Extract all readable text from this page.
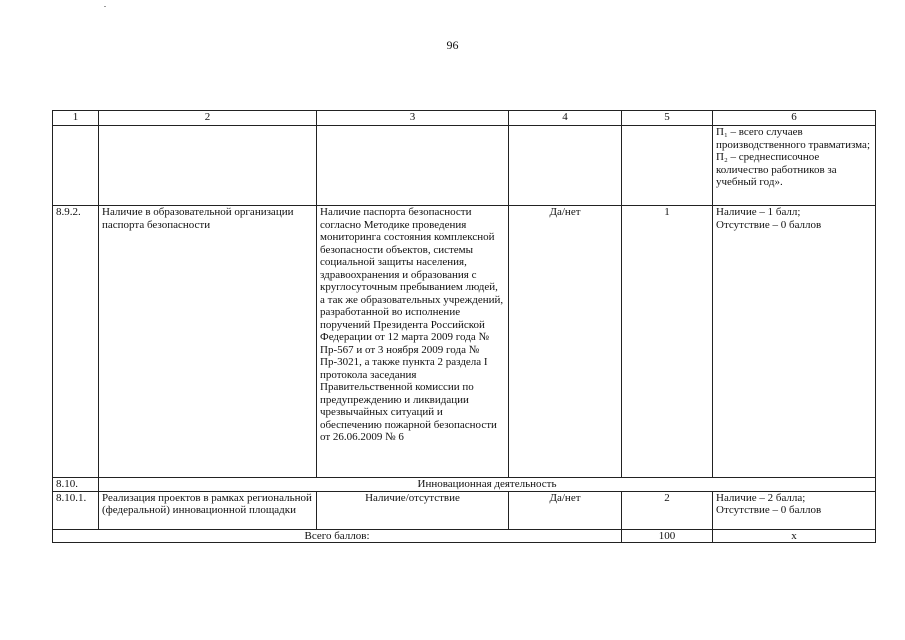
96
1	2	3	4	5	6
					П₁ – всего случаев производственного травматизма;
П₂ – среднесписочное количество работников за учебный год».
8.9.2.	Наличие в образовательной организации паспорта безопасности	Наличие паспорта безопасности согласно Методике проведения мониторинга состояния комплексной безопасности объектов, системы социальной защиты населения, здравоохранения и образования с круглосуточным пребыванием людей, а так же образовательных учреждений, разработанной во исполнение поручений Президента Российской Федерации от 12 марта 2009 года № Пр-567 и от 3 ноября 2009 года № Пр-3021, а также пункта 2 раздела I протокола заседания Правительственной комиссии по предупреждению и ликвидации чрезвычайных ситуаций и обеспечению пожарной безопасности от 26.06.2009 № 6	Да/нет	1	Наличие – 1 балл;
Отсутствие – 0 баллов
8.10.	Инновационная деятельность				
8.10.1.	Реализация проектов в рамках региональной (федеральной) инновационной площадки	Наличие/отсутствие	Да/нет	2	Наличие – 2 балла;
Отсутствие – 0 баллов
Всего баллов:				100	х
